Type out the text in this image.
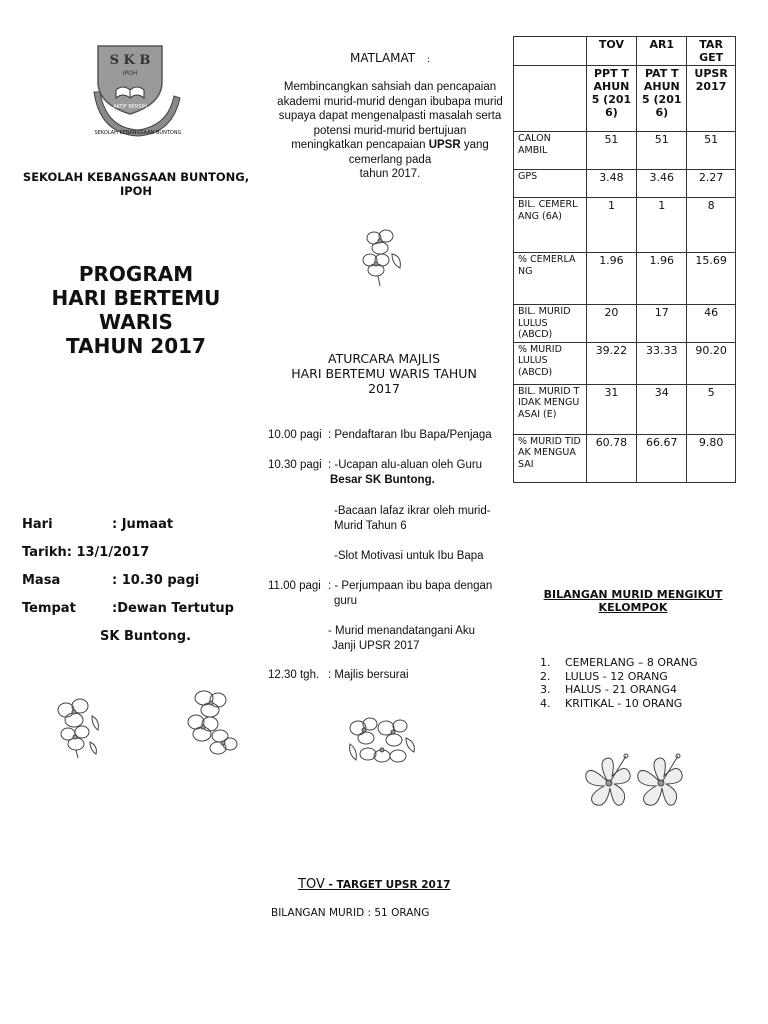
S K B
IPOH
SEKOLAH KEBANGSAAN BUNTONG
AKTIF BERSIH
SEKOLAH KEBANGSAAN BUNTONG, IPOH
PROGRAM
HARI BERTEMU
WARIS
TAHUN 2017
Hari	: Jumaat
Tarikh: 13/1/2017
Masa	: 10.30 pagi
Tempat	:Dewan Tertutup
SK Buntong.
MATLAMAT :
Membincangkan sahsiah dan pencapaian
akademi murid-murid dengan ibubapa murid
supaya dapat mengenalpasti masalah serta
potensi murid-murid bertujuan
meningkatkan pencapaian UPSR yang
cemerlang pada
tahun 2017.
ATURCARA MAJLIS
HARI BERTEMU WARIS TAHUN
2017
10.00 pagi : Pendaftaran Ibu Bapa/Penjaga
10.30 pagi : -Ucapan alu-aluan oleh Guru
Besar SK Buntong.
-Bacaan lafaz ikrar oleh murid-
Murid Tahun 6
-Slot Motivasi untuk Ibu Bapa
11.00 pagi : - Perjumpaan ibu bapa dengan
guru
- Murid menandatangani Aku
Janji UPSR 2017
12.30 tgh. : Majlis bersurai
TOV - TARGET UPSR 2017
BILANGAN MURID : 51 ORANG
	TOV	AR1	TAR GET
	PPT TAHUN 5 (2016)	PAT TAHUN 5 (2016)	UPSR 2017
CALON AMBIL	51	51	51
GPS	3.48	3.46	2.27
BIL. CEMERLANG (6A)	1	1	8
% CEMERLANG	1.96	1.96	15.69
BIL. MURID LULUS (ABCD)	20	17	46
% MURID LULUS (ABCD)	39.22	33.33	90.20
BIL. MURID TIDAK MENGUASAI (E)	31	34	5
% MURID TIDAK MENGUASAI	60.78	66.67	9.80
BILANGAN MURID MENGIKUT
KELOMPOK
1. CEMERLANG – 8 ORANG
2. LULUS - 12 ORANG
3. HALUS - 21 ORANG4
4. KRITIKAL - 10 ORANG
